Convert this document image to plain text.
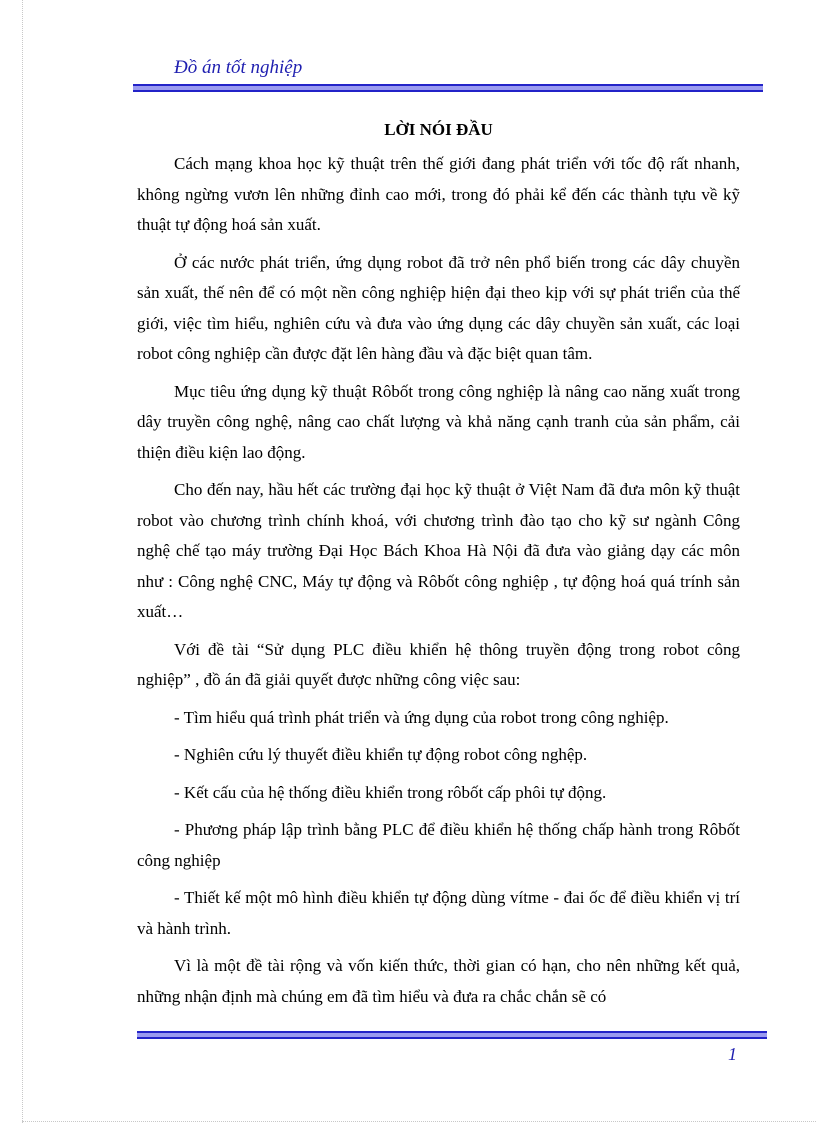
Đồ án tốt nghiệp
LỜI NÓI ĐẦU

Cách mạng khoa học kỹ thuật trên thế giới đang phát triển với tốc độ rất nhanh, không ngừng vươn lên những đỉnh cao mới, trong đó phải kể đến các thành tựu về kỹ thuật tự động hoá sản xuất.

Ở các nước phát triển, ứng dụng robot đã trở nên phổ biến trong các dây chuyền sản xuất, thế nên để có một nền công nghiệp hiện đại theo kịp với sự phát triển của thế giới, việc tìm hiểu, nghiên cứu và đưa vào ứng dụng các dây chuyền sản xuất, các loại robot công nghiệp cần được đặt lên hàng đầu và đặc biệt quan tâm.

Mục tiêu ứng dụng kỹ thuật Rôbốt trong công nghiệp là nâng cao năng xuất trong dây truyền công nghệ, nâng cao chất lượng và khả năng cạnh tranh của sản phẩm, cải thiện điều kiện lao động.

Cho đến nay, hầu hết các trường đại học kỹ thuật ở Việt Nam đã đưa môn kỹ thuật robot vào chương trình chính khoá, với chương trình đào tạo cho kỹ sư ngành Công nghệ chế tạo máy trường Đại Học Bách Khoa Hà Nội đã đưa vào giảng dạy các môn như : Công nghệ CNC, Máy tự động và Rôbốt công nghiệp , tự động hoá quá trính sản xuất…

Với đề tài “Sử dụng PLC điều khiển hệ thông truyền động trong robot công nghiệp” , đồ án đã giải quyết được những công việc sau:

- Tìm hiểu quá trình phát triển và ứng dụng của robot trong công nghiệp.

- Nghiên cứu lý thuyết điều khiển tự động robot công nghệp.

- Kết cấu của hệ thống điều khiển trong rôbốt cấp phôi tự động.

- Phương pháp lập trình bằng PLC để điều khiển hệ thống chấp hành trong Rôbốt công nghiệp

- Thiết kế một mô hình điều khiển tự động dùng vítme - đai ốc để điều khiển vị trí và hành trình.

Vì là một đề tài rộng và vốn kiến thức, thời gian có hạn, cho nên những kết quả, những nhận định mà chúng em đã tìm hiểu và đưa ra chắc chắn sẽ có

1
